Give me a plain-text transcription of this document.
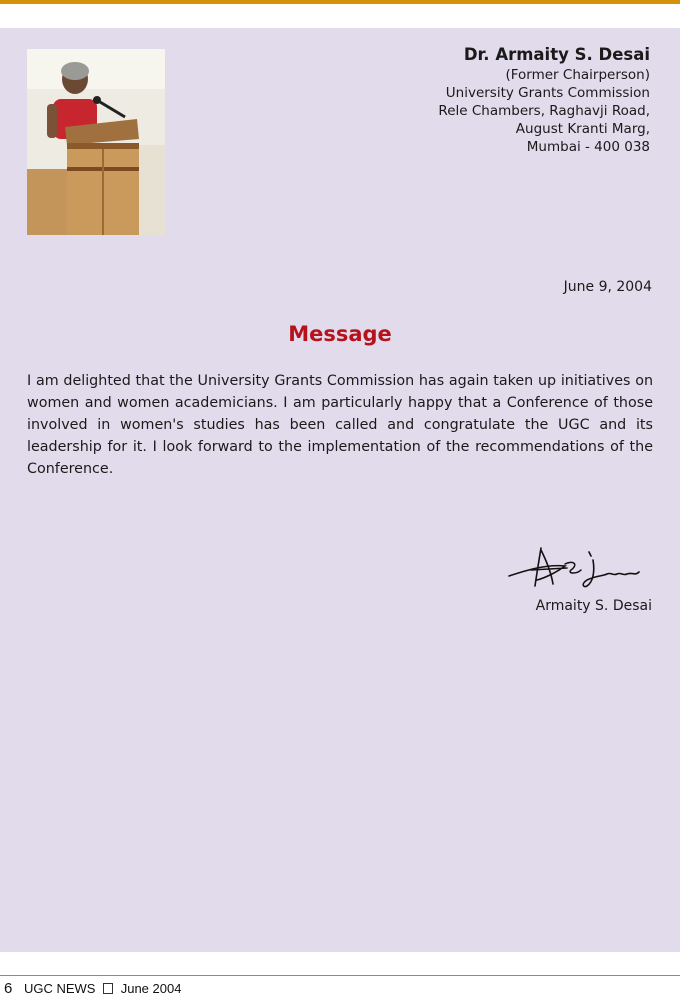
Dr. Armaity S. Desai
(Former Chairperson)
University Grants Commission
Rele Chambers, Raghavji Road,
August Kranti Marg,
Mumbai - 400 038
June 9, 2004
Message
I am delighted that the University Grants Commission has again taken up initiatives on women and women academicians. I am particularly happy that a Conference of those involved in women's studies has been called and congratulate the UGC and its leadership for it. I look forward to the implementation of the recommendations of the Conference.
Armaity S. Desai
6 UGC NEWS June 2004
